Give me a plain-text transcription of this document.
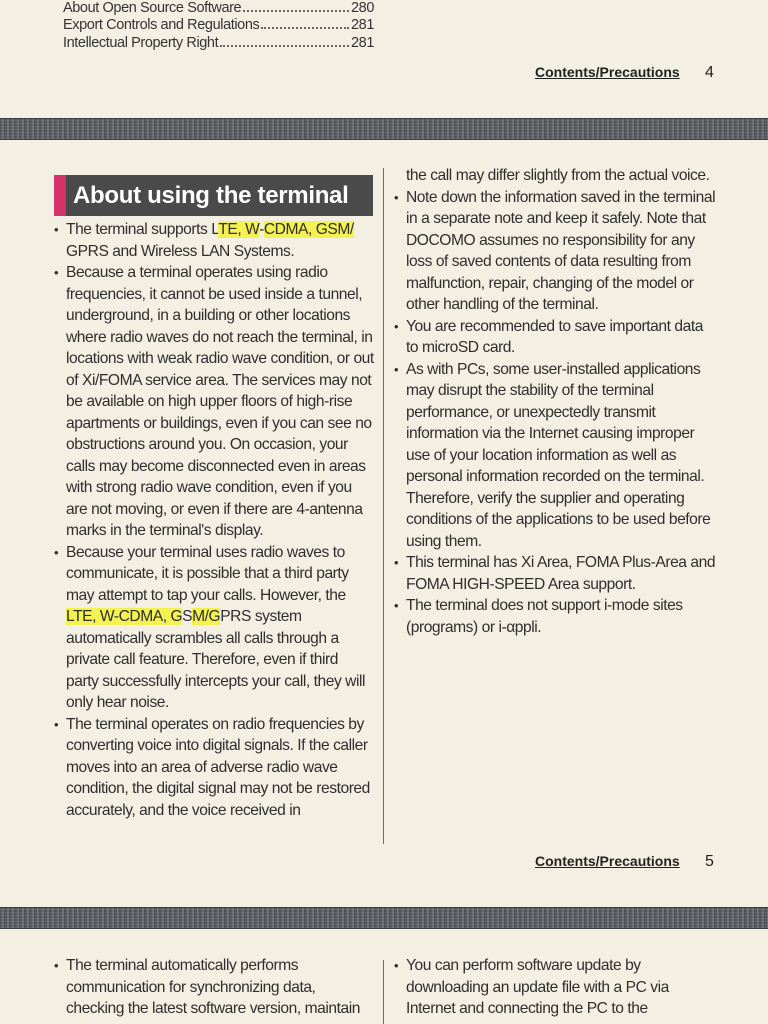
About Open Source Software	280
Export Controls and Regulations	281
Intellectual Property Right	281
Contents/Precautions 4
About using the terminal
• The terminal supports LTE, W-CDMA, GSM/ GPRS and Wireless LAN Systems.
• Because a terminal operates using radio frequencies, it cannot be used inside a tunnel, underground, in a building or other locations where radio waves do not reach the terminal, in locations with weak radio wave condition, or out of Xi/FOMA service area. The services may not be available on high upper floors of high-rise apartments or buildings, even if you can see no obstructions around you. On occasion, your calls may become disconnected even in areas with strong radio wave condition, even if you are not moving, or even if there are 4-antenna marks in the terminal's display.
• Because your terminal uses radio waves to communicate, it is possible that a third party may attempt to tap your calls. However, the LTE, W-CDMA, GSM/GPRS system automatically scrambles all calls through a private call feature. Therefore, even if third party successfully intercepts your call, they will only hear noise.
• The terminal operates on radio frequencies by converting voice into digital signals. If the caller moves into an area of adverse radio wave condition, the digital signal may not be restored accurately, and the voice received in

the call may differ slightly from the actual voice.

• Note down the information saved in the terminal in a separate note and keep it safely. Note that DOCOMO assumes no responsibility for any loss of saved contents of data resulting from malfunction, repair, changing of the model or other handling of the terminal.
• You are recommended to save important data to microSD card.
• As with PCs, some user-installed applications may disrupt the stability of the terminal performance, or unexpectedly transmit information via the Internet causing improper use of your location information as well as personal information recorded on the terminal. Therefore, verify the supplier and operating conditions of the applications to be used before using them.
• This terminal has Xi Area, FOMA Plus-Area and FOMA HIGH-SPEED Area support.
• The terminal does not support i-mode sites (programs) or i-αppli.
Contents/Precautions 5
• The terminal automatically performs communication for synchronizing data, checking the latest software version, maintain
• You can perform software update by downloading an update file with a PC via Internet and connecting the PC to the
